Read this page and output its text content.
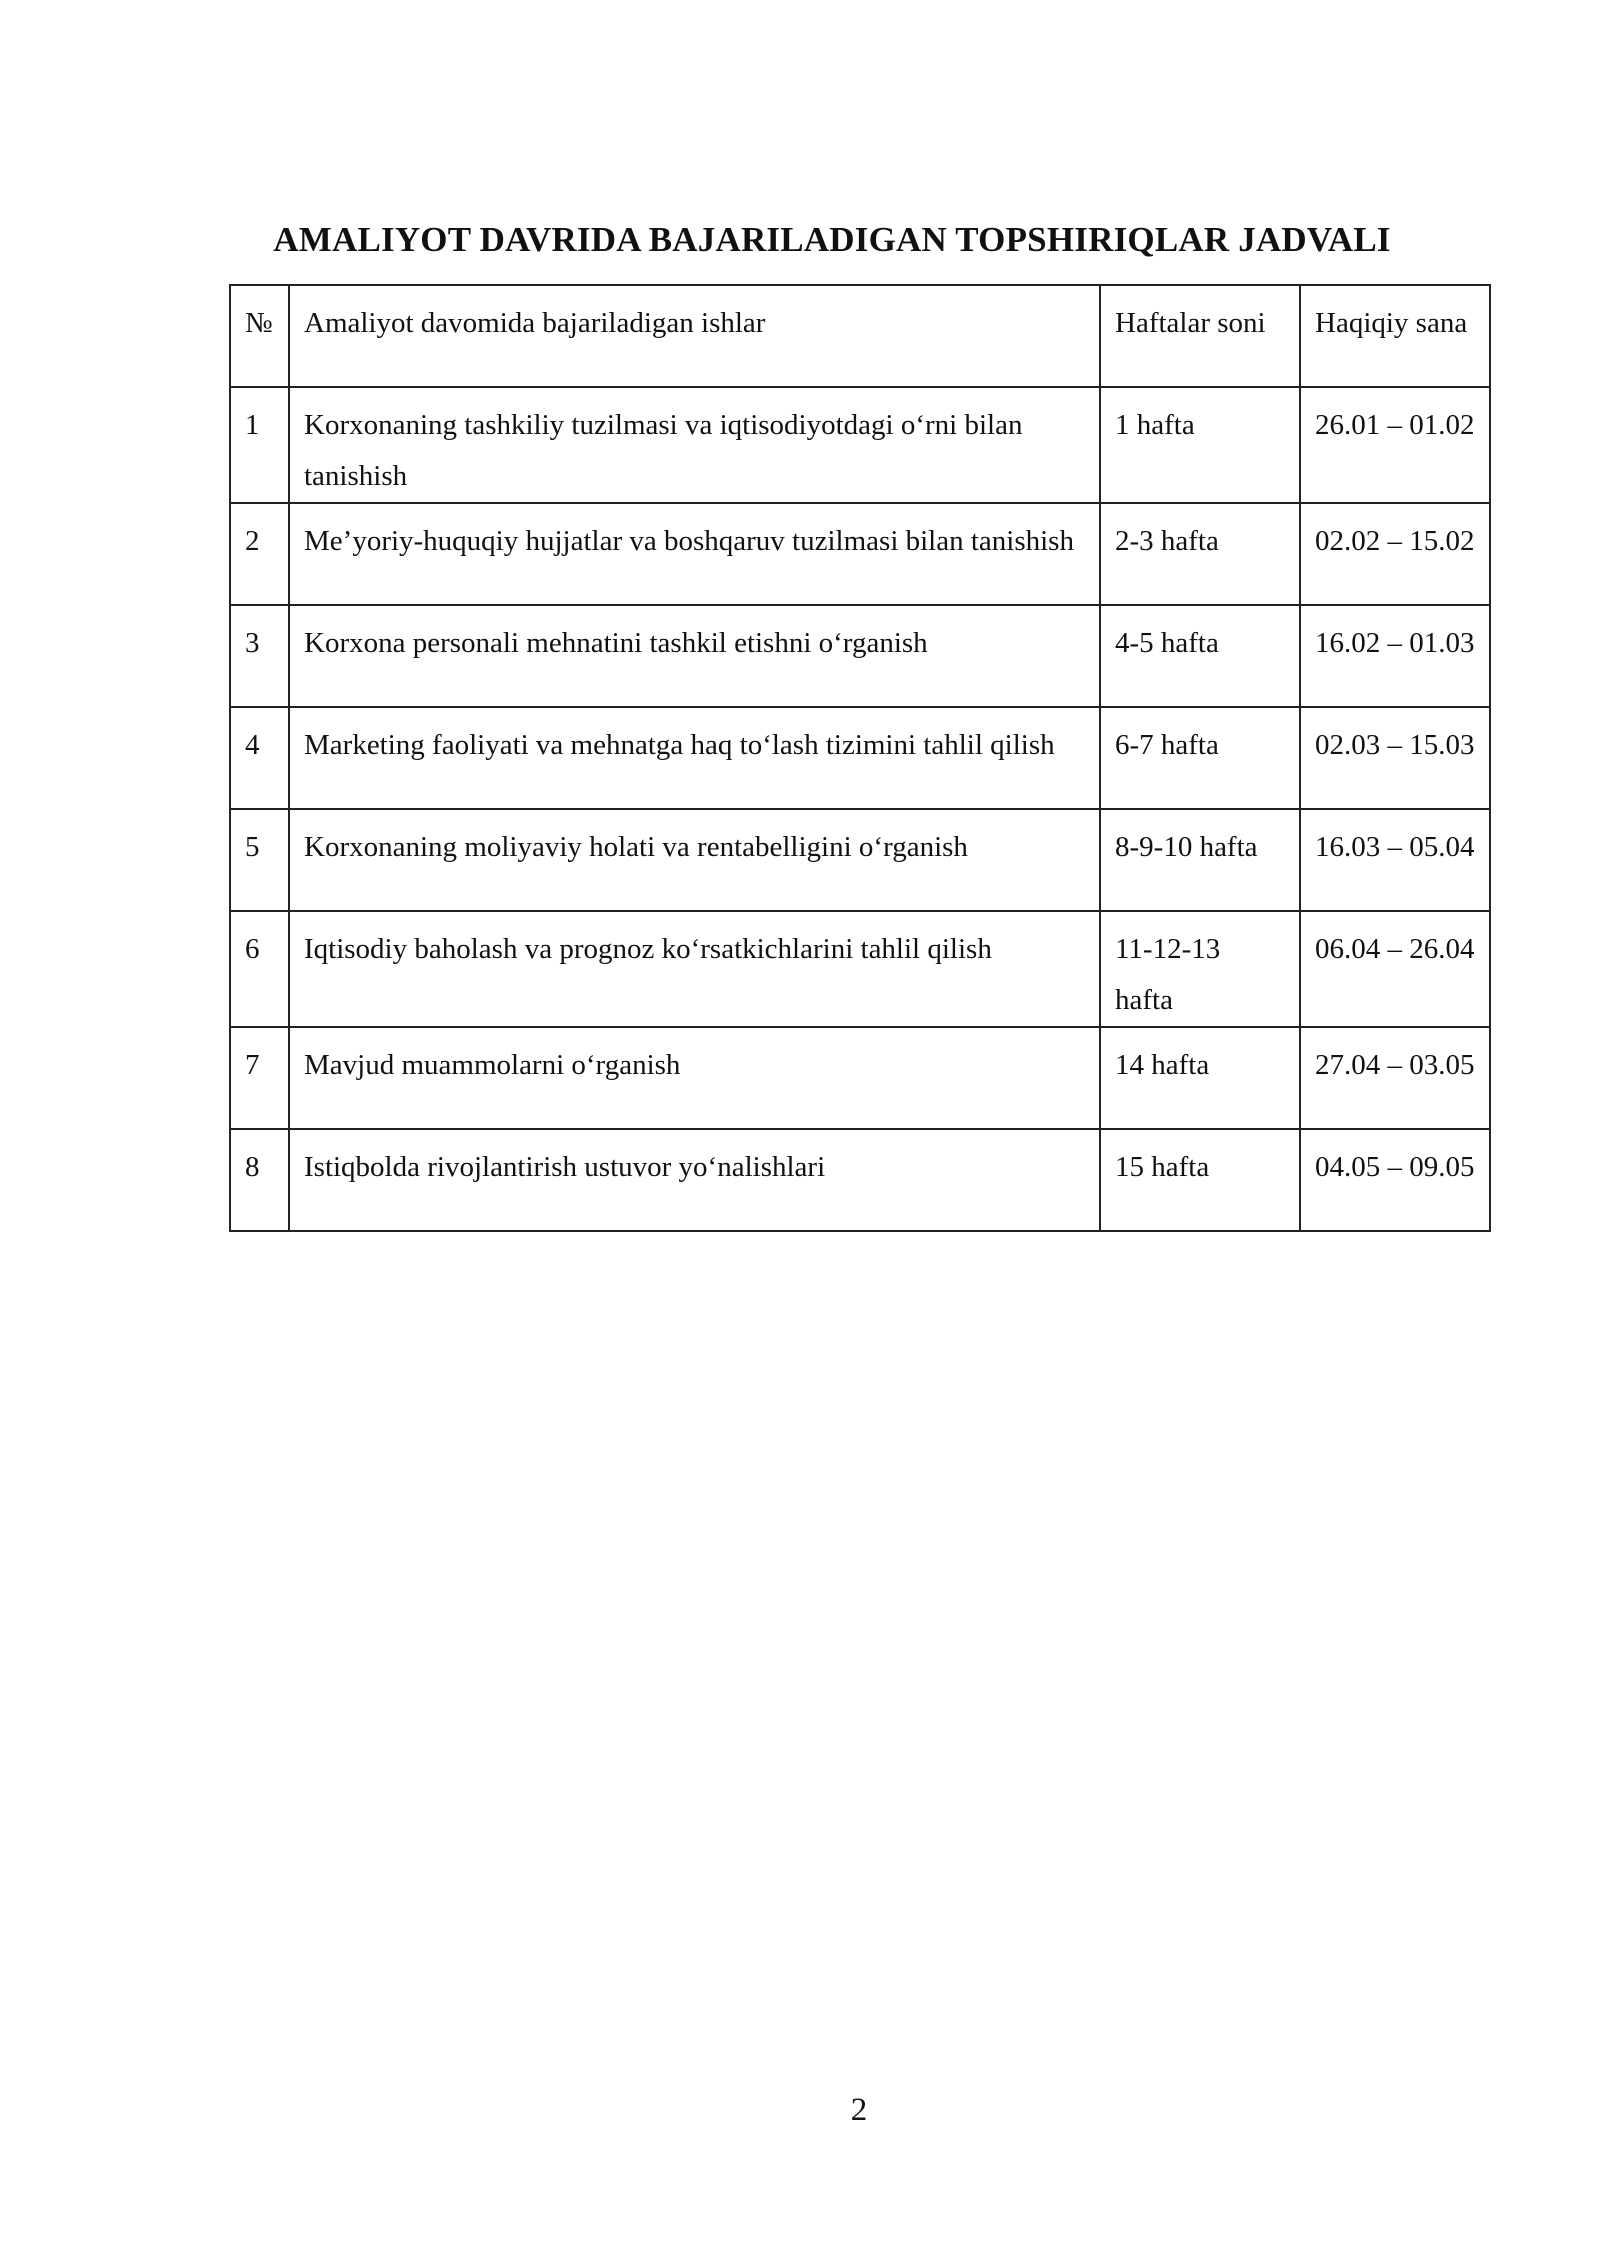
AMALIYOT DAVRIDA BAJARILADIGAN TOPSHIRIQLAR JADVALI
№	Amaliyot davomida bajariladigan ishlar	Haftalar soni	Haqiqiy sana
1	Korxonaning tashkiliy tuzilmasi va iqtisodiyotdagi o‘rni bilan tanishish	1 hafta	26.01 – 01.02
2	Me’yoriy-huquqiy hujjatlar va boshqaruv tuzilmasi bilan tanishish	2-3 hafta	02.02 – 15.02
3	Korxona personali mehnatini tashkil etishni o‘rganish	4-5 hafta	16.02 – 01.03
4	Marketing faoliyati va mehnatga haq to‘lash tizimini tahlil qilish	6-7 hafta	02.03 – 15.03
5	Korxonaning moliyaviy holati va rentabelligini o‘rganish	8-9-10 hafta	16.03 – 05.04
6	Iqtisodiy baholash va prognoz ko‘rsatkichlarini tahlil qilish	11-12-13 hafta	06.04 – 26.04
7	Mavjud muammolarni o‘rganish	14 hafta	27.04 – 03.05
8	Istiqbolda rivojlantirish ustuvor yo‘nalishlari	15 hafta	04.05 – 09.05
2
